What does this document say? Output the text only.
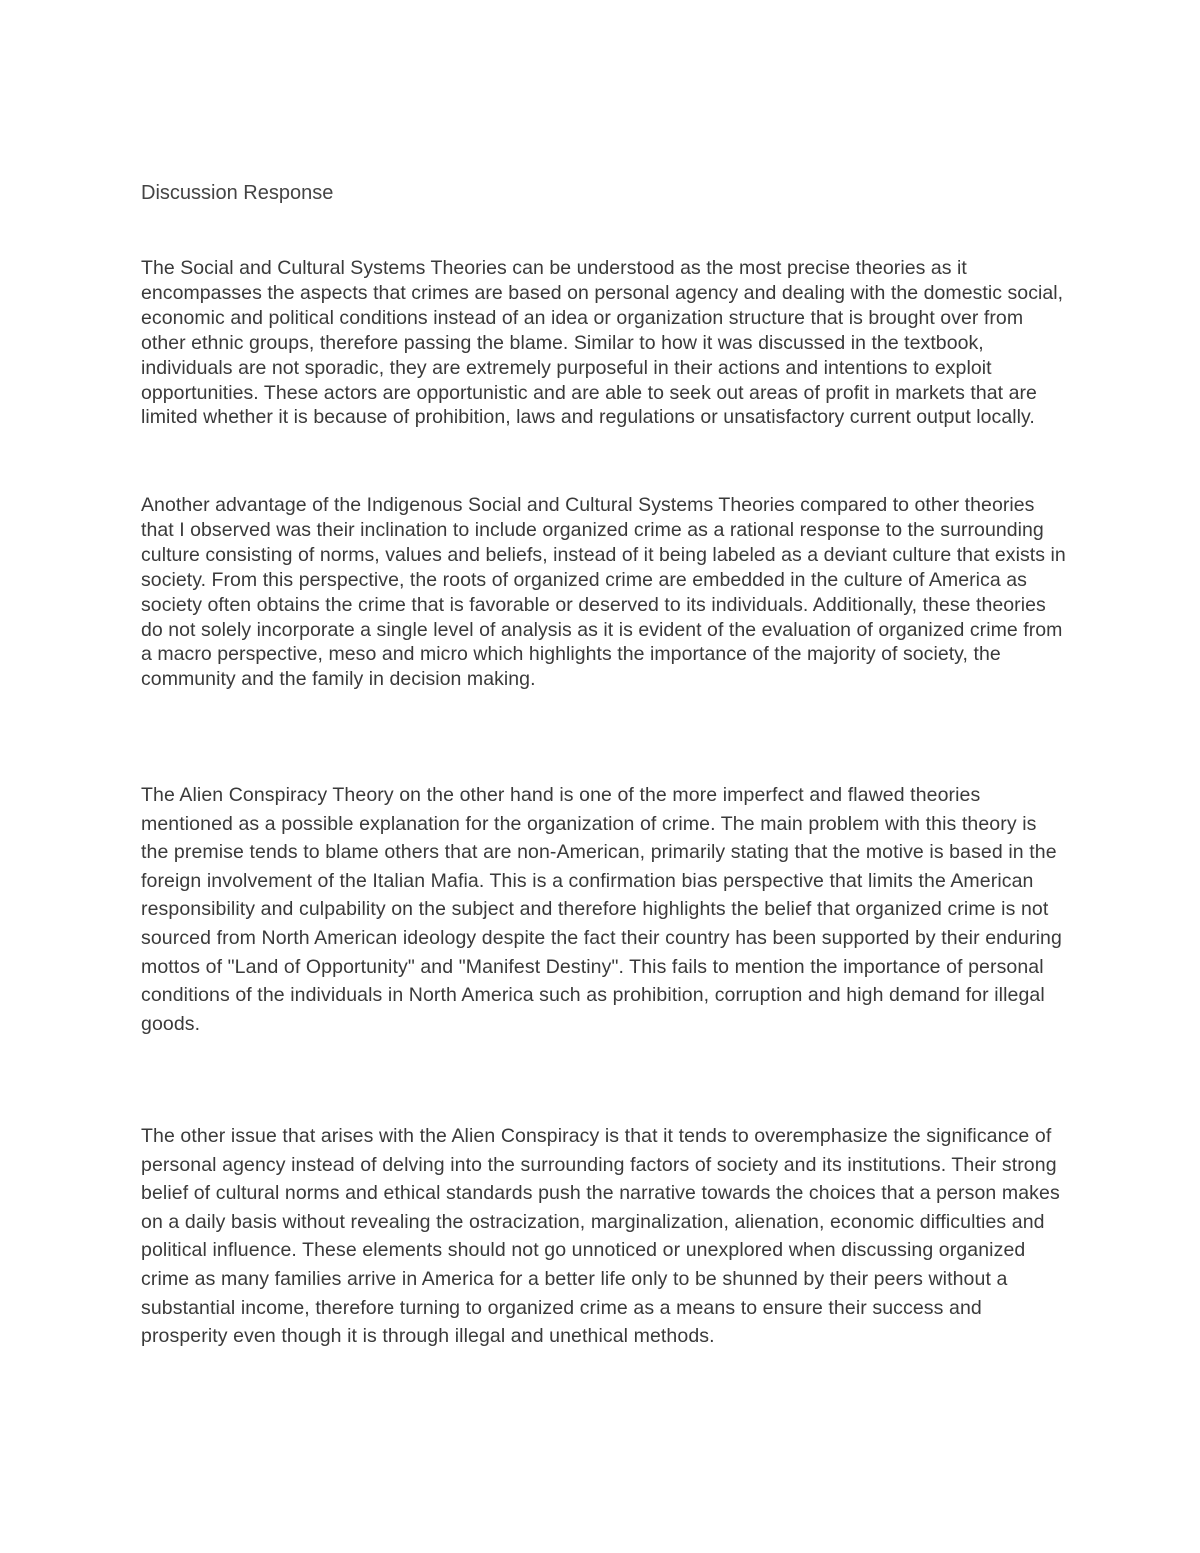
Discussion Response

The Social and Cultural Systems Theories can be understood as the most precise theories as it encompasses the aspects that crimes are based on personal agency and dealing with the domestic social, economic and political conditions instead of an idea or organization structure that is brought over from other ethnic groups, therefore passing the blame. Similar to how it was discussed in the textbook, individuals are not sporadic, they are extremely purposeful in their actions and intentions to exploit opportunities. These actors are opportunistic and are able to seek out areas of profit in markets that are limited whether it is because of prohibition, laws and regulations or unsatisfactory current output locally.

Another advantage of the Indigenous Social and Cultural Systems Theories compared to other theories that I observed was their inclination to include organized crime as a rational response to the surrounding culture consisting of norms, values and beliefs, instead of it being labeled as a deviant culture that exists in society. From this perspective, the roots of organized crime are embedded in the culture of America as society often obtains the crime that is favorable or deserved to its individuals. Additionally, these theories do not solely incorporate a single level of analysis as it is evident of the evaluation of organized crime from a macro perspective, meso and micro which highlights the importance of the majority of society, the community and the family in decision making.

The Alien Conspiracy Theory on the other hand is one of the more imperfect and flawed theories mentioned as a possible explanation for the organization of crime. The main problem with this theory is the premise tends to blame others that are non-American, primarily stating that the motive is based in the foreign involvement of the Italian Mafia. This is a confirmation bias perspective that limits the American responsibility and culpability on the subject and therefore highlights the belief that organized crime is not sourced from North American ideology despite the fact their country has been supported by their enduring mottos of "Land of Opportunity" and "Manifest Destiny". This fails to mention the importance of personal conditions of the individuals in North America such as prohibition, corruption and high demand for illegal goods.

The other issue that arises with the Alien Conspiracy is that it tends to overemphasize the significance of personal agency instead of delving into the surrounding factors of society and its institutions. Their strong belief of cultural norms and ethical standards push the narrative towards the choices that a person makes on a daily basis without revealing the ostracization, marginalization, alienation, economic difficulties and political influence. These elements should not go unnoticed or unexplored when discussing organized crime as many families arrive in America for a better life only to be shunned by their peers without a substantial income, therefore turning to organized crime as a means to ensure their success and prosperity even though it is through illegal and unethical methods.
